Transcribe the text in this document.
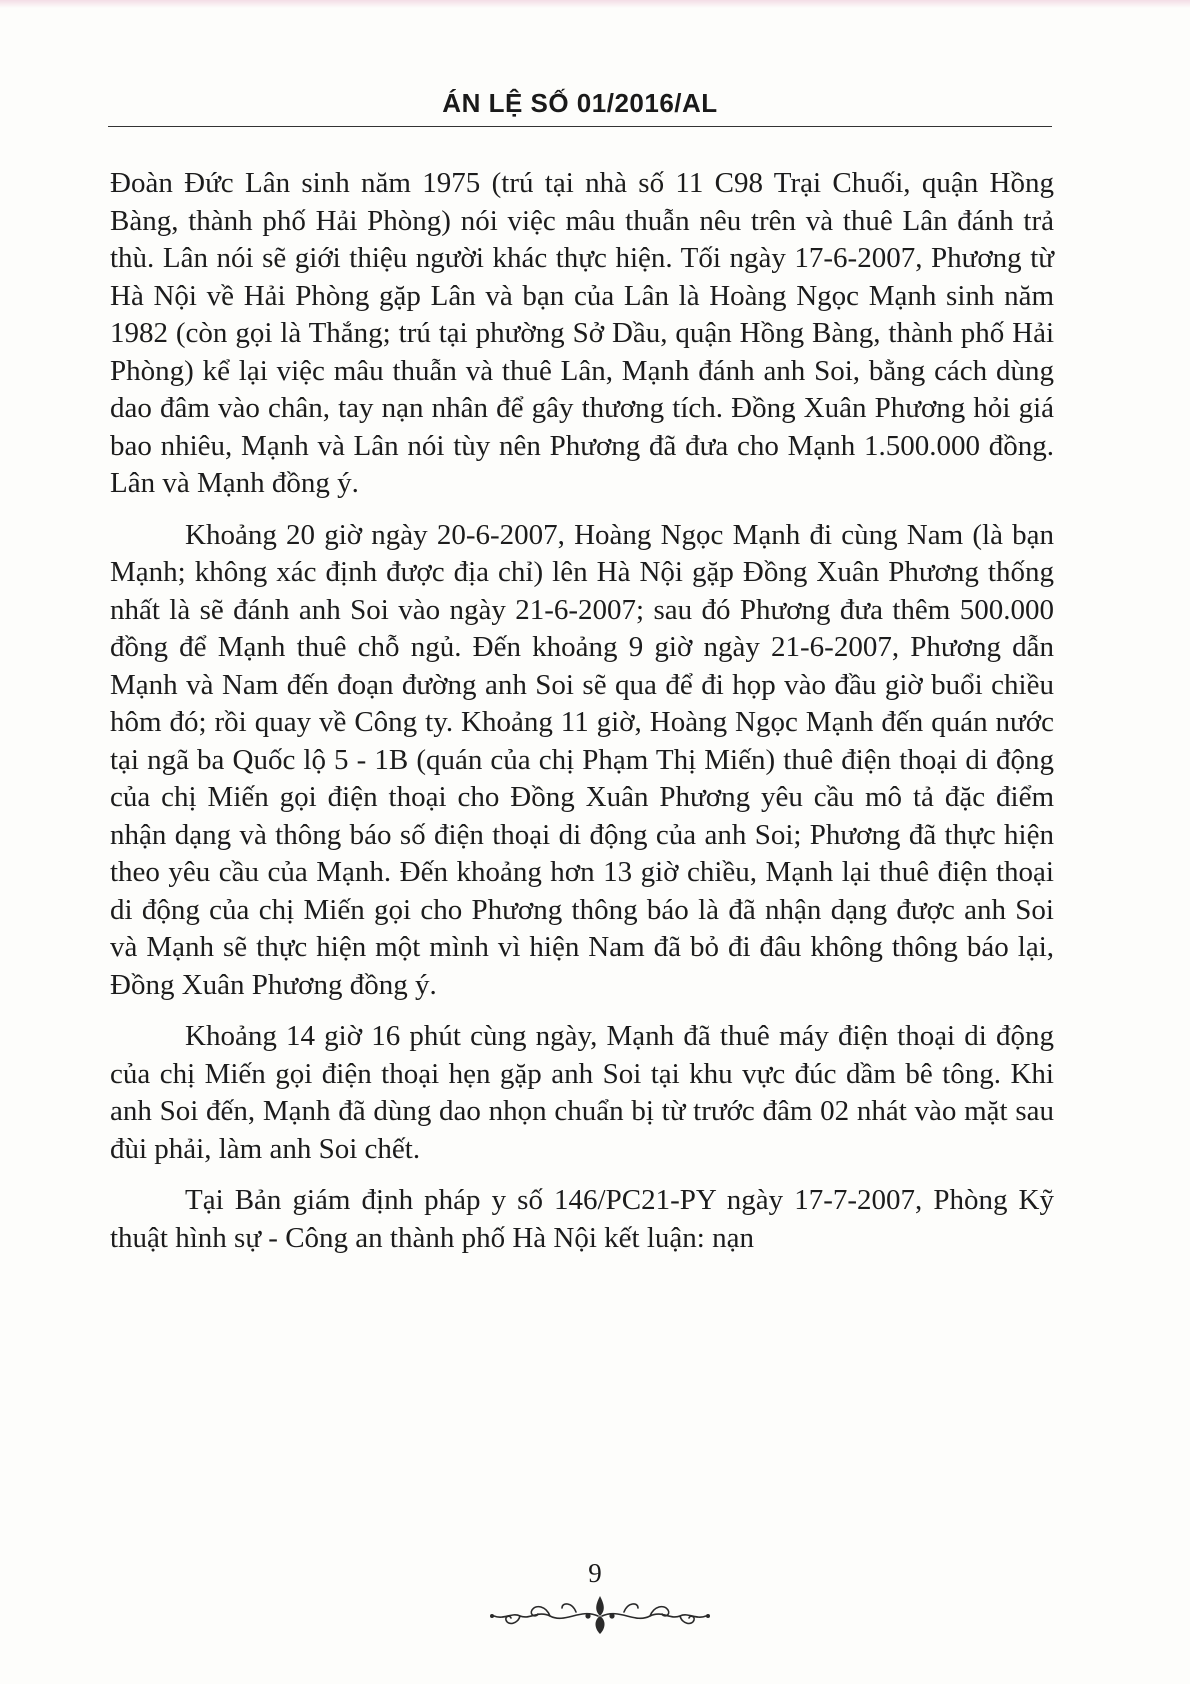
ÁN LỆ SỐ 01/2016/AL

Đoàn Đức Lân sinh năm 1975 (trú tại nhà số 11 C98 Trại Chuối, quận Hồng Bàng, thành phố Hải Phòng) nói việc mâu thuẫn nêu trên và thuê Lân đánh trả thù. Lân nói sẽ giới thiệu người khác thực hiện. Tối ngày 17-6-2007, Phương từ Hà Nội về Hải Phòng gặp Lân và bạn của Lân là Hoàng Ngọc Mạnh sinh năm 1982 (còn gọi là Thắng; trú tại phường Sở Dầu, quận Hồng Bàng, thành phố Hải Phòng) kể lại việc mâu thuẫn và thuê Lân, Mạnh đánh anh Soi, bằng cách dùng dao đâm vào chân, tay nạn nhân để gây thương tích. Đồng Xuân Phương hỏi giá bao nhiêu, Mạnh và Lân nói tùy nên Phương đã đưa cho Mạnh 1.500.000 đồng. Lân và Mạnh đồng ý.

Khoảng 20 giờ ngày 20-6-2007, Hoàng Ngọc Mạnh đi cùng Nam (là bạn Mạnh; không xác định được địa chỉ) lên Hà Nội gặp Đồng Xuân Phương thống nhất là sẽ đánh anh Soi vào ngày 21-6-2007; sau đó Phương đưa thêm 500.000 đồng để Mạnh thuê chỗ ngủ. Đến khoảng 9 giờ ngày 21-6-2007, Phương dẫn Mạnh và Nam đến đoạn đường anh Soi sẽ qua để đi họp vào đầu giờ buổi chiều hôm đó; rồi quay về Công ty. Khoảng 11 giờ, Hoàng Ngọc Mạnh đến quán nước tại ngã ba Quốc lộ 5 - 1B (quán của chị Phạm Thị Miến) thuê điện thoại di động của chị Miến gọi điện thoại cho Đồng Xuân Phương yêu cầu mô tả đặc điểm nhận dạng và thông báo số điện thoại di động của anh Soi; Phương đã thực hiện theo yêu cầu của Mạnh. Đến khoảng hơn 13 giờ chiều, Mạnh lại thuê điện thoại di động của chị Miến gọi cho Phương thông báo là đã nhận dạng được anh Soi và Mạnh sẽ thực hiện một mình vì hiện Nam đã bỏ đi đâu không thông báo lại, Đồng Xuân Phương đồng ý.

Khoảng 14 giờ 16 phút cùng ngày, Mạnh đã thuê máy điện thoại di động của chị Miến gọi điện thoại hẹn gặp anh Soi tại khu vực đúc dầm bê tông. Khi anh Soi đến, Mạnh đã dùng dao nhọn chuẩn bị từ trước đâm 02 nhát vào mặt sau đùi phải, làm anh Soi chết.

Tại Bản giám định pháp y số 146/PC21-PY ngày 17-7-2007, Phòng Kỹ thuật hình sự - Công an thành phố Hà Nội kết luận: nạn

9
